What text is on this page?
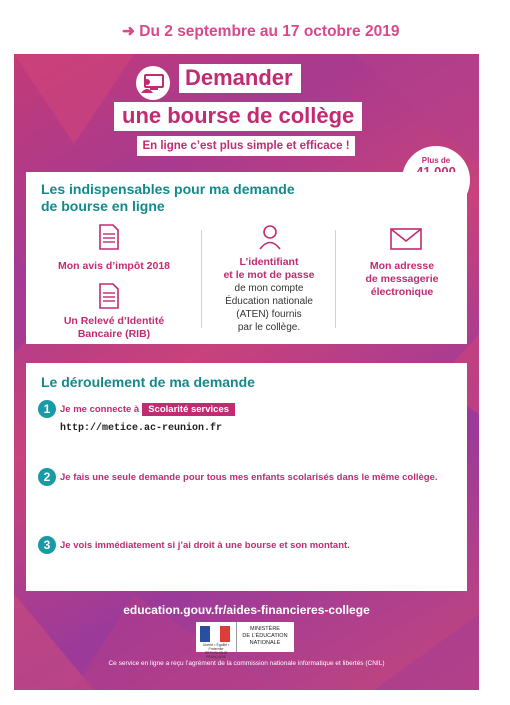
➜ Du 2 septembre au 17 octobre 2019
Demander
une bourse de collège
En ligne c’est plus simple et efficace !
Plus de
Les indispensables pour ma demande
de bourse en ligne
Mon avis d’impôt 2018
Un Relevé d’Identité
Bancaire (RIB)
L’identifiant
et le mot de passe
de mon compte
Éducation nationale
(ATEN) fournis
par le collège.
Mon adresse
de messagerie
électronique
Le déroulement de ma demande
1	Je me connecte à Scolarité services
http://metice.ac-reunion.fr
2	Je fais une seule demande pour tous mes enfants scolarisés dans le même collège.
3	Je vois immédiatement si j’ai droit à une bourse et son montant.
education.gouv.fr/aides-financieres-college
Liberté • Égalité • Fraternité
RÉPUBLIQUE FRANÇAISE
MINISTÈRE
DE L’ÉDUCATION
NATIONALE
Ce service en ligne a reçu l’agrément de la commission nationale informatique et libertés (CNIL)
